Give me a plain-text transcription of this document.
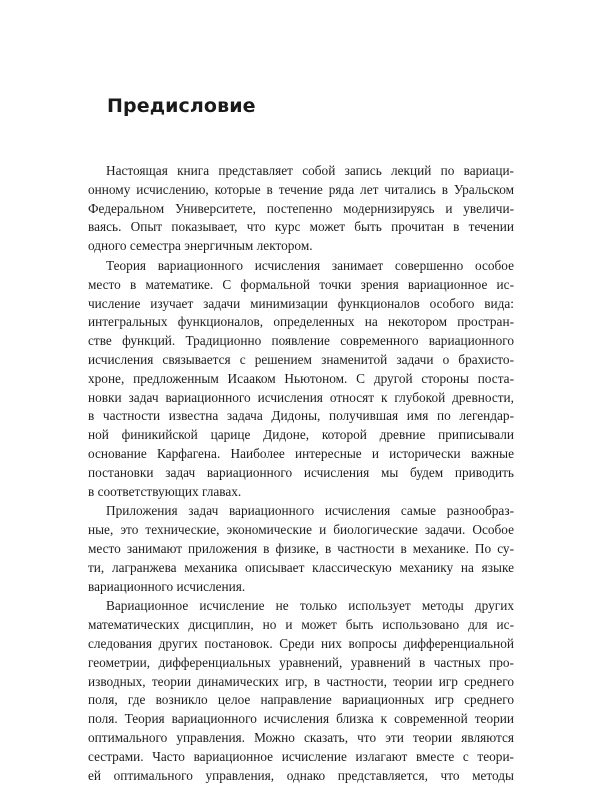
Предисловие
Настоящая книга представляет собой запись лекций по вариаци-
онному исчислению, которые в течение ряда лет читались в Уральском
Федеральном Университете, постепенно модернизируясь и увеличи-
ваясь. Опыт показывает, что курс может быть прочитан в течении
одного семестра энергичным лектором.
Теория вариационного исчисления занимает совершенно особое
место в математике. С формальной точки зрения вариационное ис-
числение изучает задачи минимизации функционалов особого вида:
интегральных функционалов, определенных на некотором простран-
стве функций. Традиционно появление современного вариационного
исчисления связывается с решением знаменитой задачи о брахисто-
хроне, предложенным Исааком Ньютоном. С другой стороны поста-
новки задач вариационного исчисления относят к глубокой древности,
в частности известна задача Дидоны, получившая имя по легендар-
ной финикийской царице Дидоне, которой древние приписывали
основание Карфагена. Наиболее интересные и исторически важные
постановки задач вариационного исчисления мы будем приводить
в соответствующих главах.
Приложения задач вариационного исчисления самые разнообраз-
ные, это технические, экономические и биологические задачи. Особое
место занимают приложения в физике, в частности в механике. По су-
ти, лагранжева механика описывает классическую механику на языке
вариационного исчисления.
Вариационное исчисление не только использует методы других
математических дисциплин, но и может быть использовано для ис-
следования других постановок. Среди них вопросы дифференциальной
геометрии, дифференциальных уравнений, уравнений в частных про-
изводных, теории динамических игр, в частности, теории игр среднего
поля, где возникло целое направление вариационных игр среднего
поля. Теория вариационного исчисления близка к современной теории
оптимального управления. Можно сказать, что эти теории являются
сестрами. Часто вариационное исчисление излагают вместе с теори-
ей оптимального управления, однако представляется, что методы
